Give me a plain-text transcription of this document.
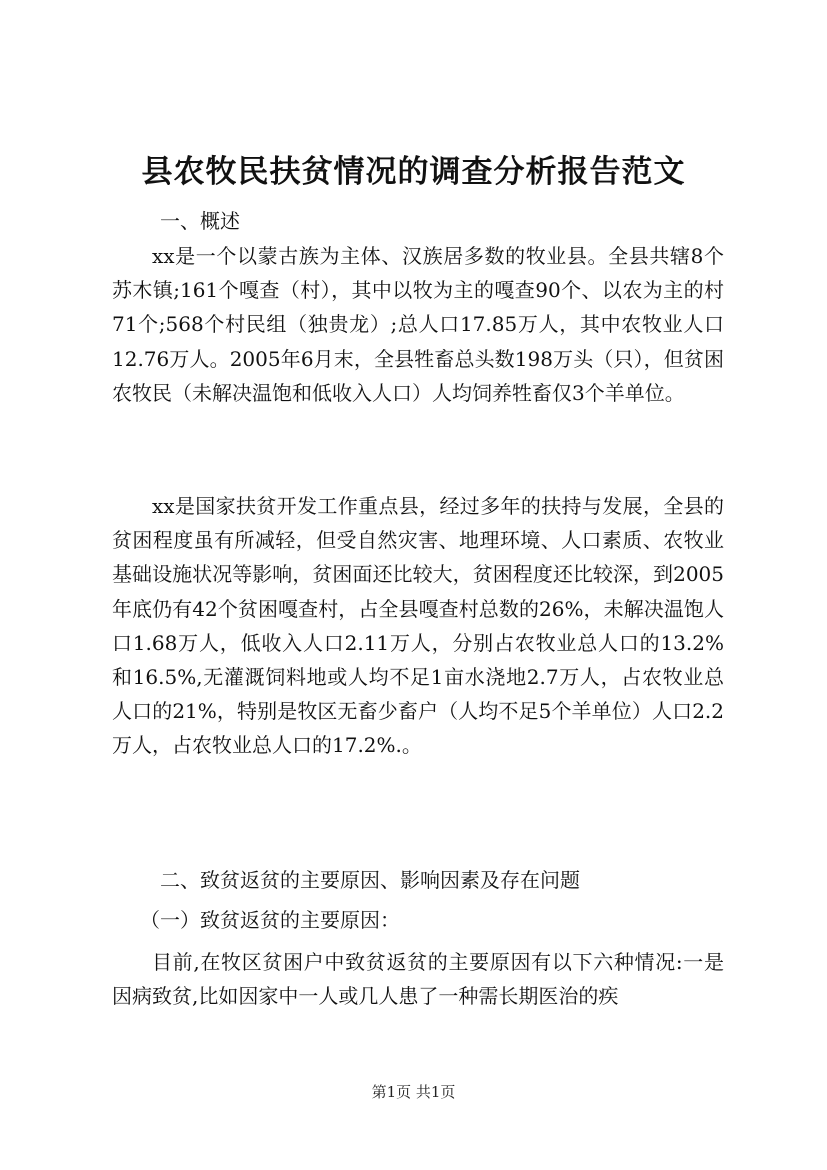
县农牧民扶贫情况的调查分析报告范文
一、概述

xx是一个以蒙古族为主体、汉族居多数的牧业县。全县共辖8个苏木镇;161个嘎查（村），其中以牧为主的嘎查90个、以农为主的村71个;568个村民组（独贵龙）;总人口17.85万人，其中农牧业人口12.76万人。2005年6月末，全县牲畜总头数198万头（只），但贫困农牧民（未解决温饱和低收入人口）人均饲养牲畜仅3个羊单位。

xx是国家扶贫开发工作重点县，经过多年的扶持与发展，全县的贫困程度虽有所减轻，但受自然灾害、地理环境、人口素质、农牧业基础设施状况等影响，贫困面还比较大，贫困程度还比较深，到2005年底仍有42个贫困嘎查村，占全县嘎查村总数的26%，未解决温饱人口1.68万人，低收入人口2.11万人，分别占农牧业总人口的13.2%和16.5%,无灌溉饲料地或人均不足1亩水浇地2.7万人，占农牧业总人口的21%，特别是牧区无畜少畜户（人均不足5个羊单位）人口2.2万人，占农牧业总人口的17.2%.。

二、致贫返贫的主要原因、影响因素及存在问题
（一）致贫返贫的主要原因：

目前,在牧区贫困户中致贫返贫的主要原因有以下六种情况:一是因病致贫,比如因家中一人或几人患了一种需长期医治的疾

第1页 共1页
